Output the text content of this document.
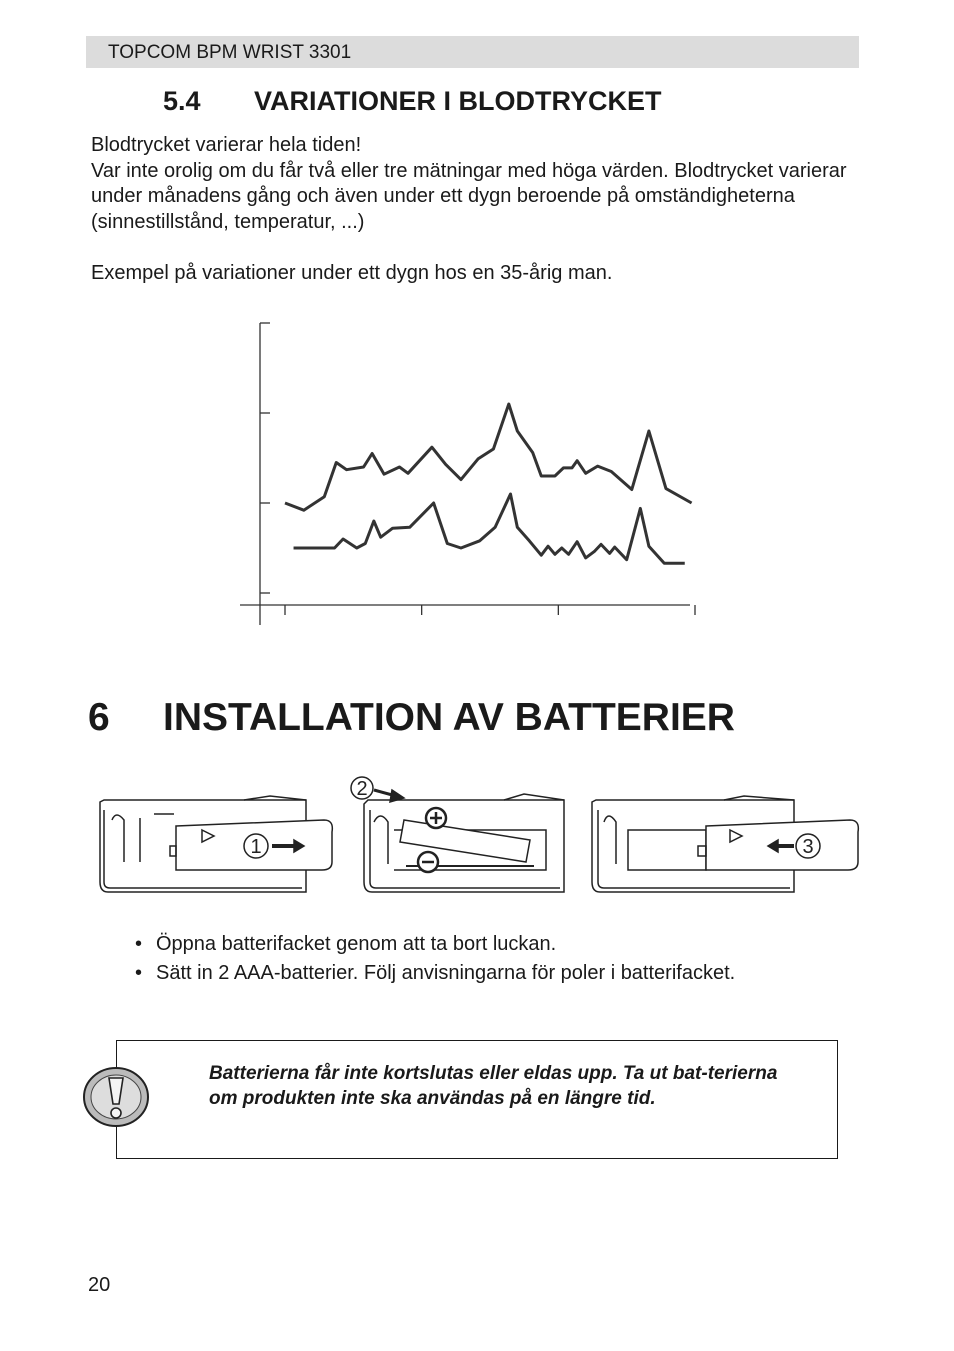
TOPCOM BPM WRIST 3301
5.4 VARIATIONER I BLODTRYCKET

Blodtrycket varierar hela tiden!

Var inte orolig om du får två eller tre mätningar med höga värden. Blodtrycket varierar under månadens gång och även under ett dygn beroende på omständigheterna (sinnestillstånd, temperatur, ...)

Exempel på variationer under ett dygn hos en 35-årig man.
6 INSTALLATION AV BATTERIER
1
2
3
• Öppna batterifacket genom att ta bort luckan.
• Sätt in 2 AAA-batterier. Följ anvisningarna för poler i batterifacket.
Batterierna får inte kortslutas eller eldas upp. Ta ut bat-terierna om produkten inte ska användas på en längre tid.
20
